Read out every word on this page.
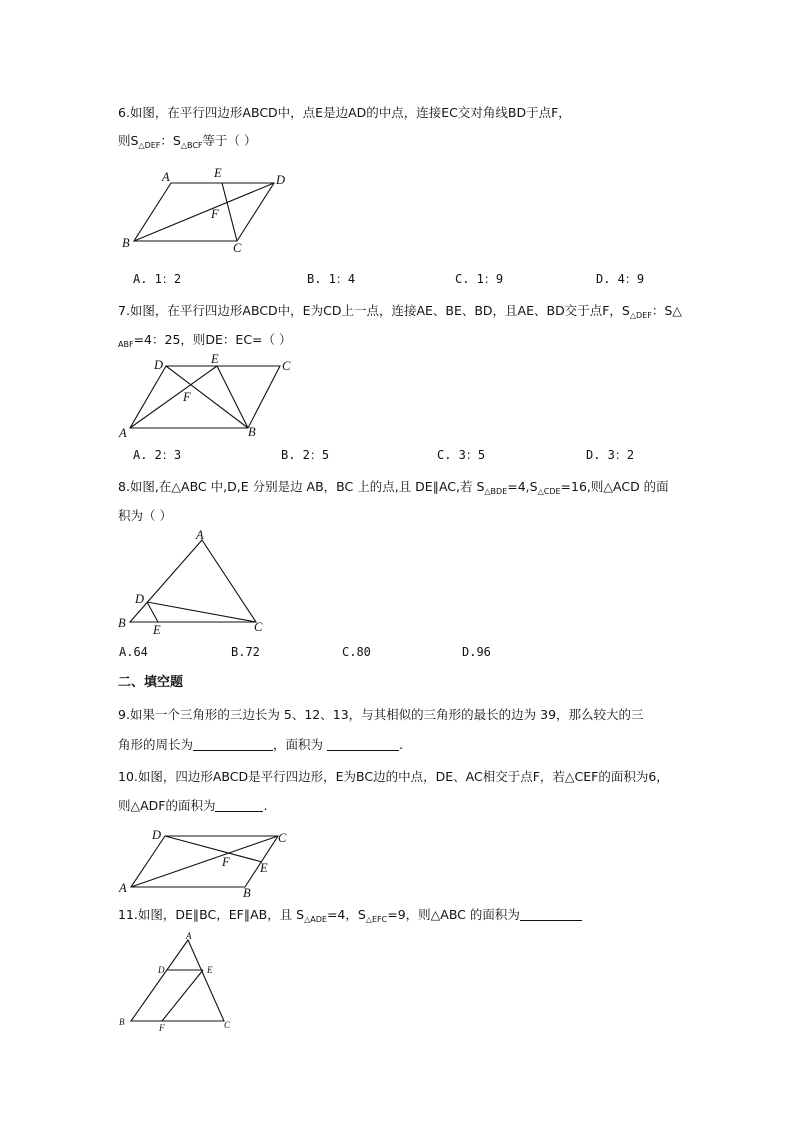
6.如图，在平行四边形ABCD中，点E是边AD的中点，连接EC交对角线BD于点F，
则$S_{\triangle DEF}$：$S_{\triangle BCF}$等于（ ）
A	E	D
F
B	C
A. 1：2	B. 1：4	C. 1：9	D. 4：9
7.如图，在平行四边形ABCD中，E为CD上一点，连接AE、BE、BD，且AE、BD交于点F，$S_{\triangle DEF}$：S△
$_{ABF}$=4：25，则DE：EC=（ ）
D	E	C
F
A	B
A. 2：3	B. 2：5	C. 3：5	D. 3：2
8.如图,在△ABC 中,D,E 分别是边 AB，BC 上的点,且 DE∥AC,若 $S_{\triangle BDE}=4,S_{\triangle CDE}=16$,则△ACD 的面
积为（ ）
A
D
B E	C
A.64	B.72	C.80	D.96
二、填空题
9.如果一个三角形的三边长为 5、12、13，与其相似的三角形的最长的边为 39，那么较大的三
角形的周长为	，面积为	.
10.如图，四边形ABCD是平行四边形，E为BC边的中点，DE、AC相交于点F，若△CEF的面积为6，
则△ADF的面积为	.
D	C
F E
A	B
11.如图，DE∥BC，EF∥AB，且 $S_{\triangle ADE}=4$，$S_{\triangle EFC}=9$，则△ABC 的面积为
A
D	E
B
F	C
